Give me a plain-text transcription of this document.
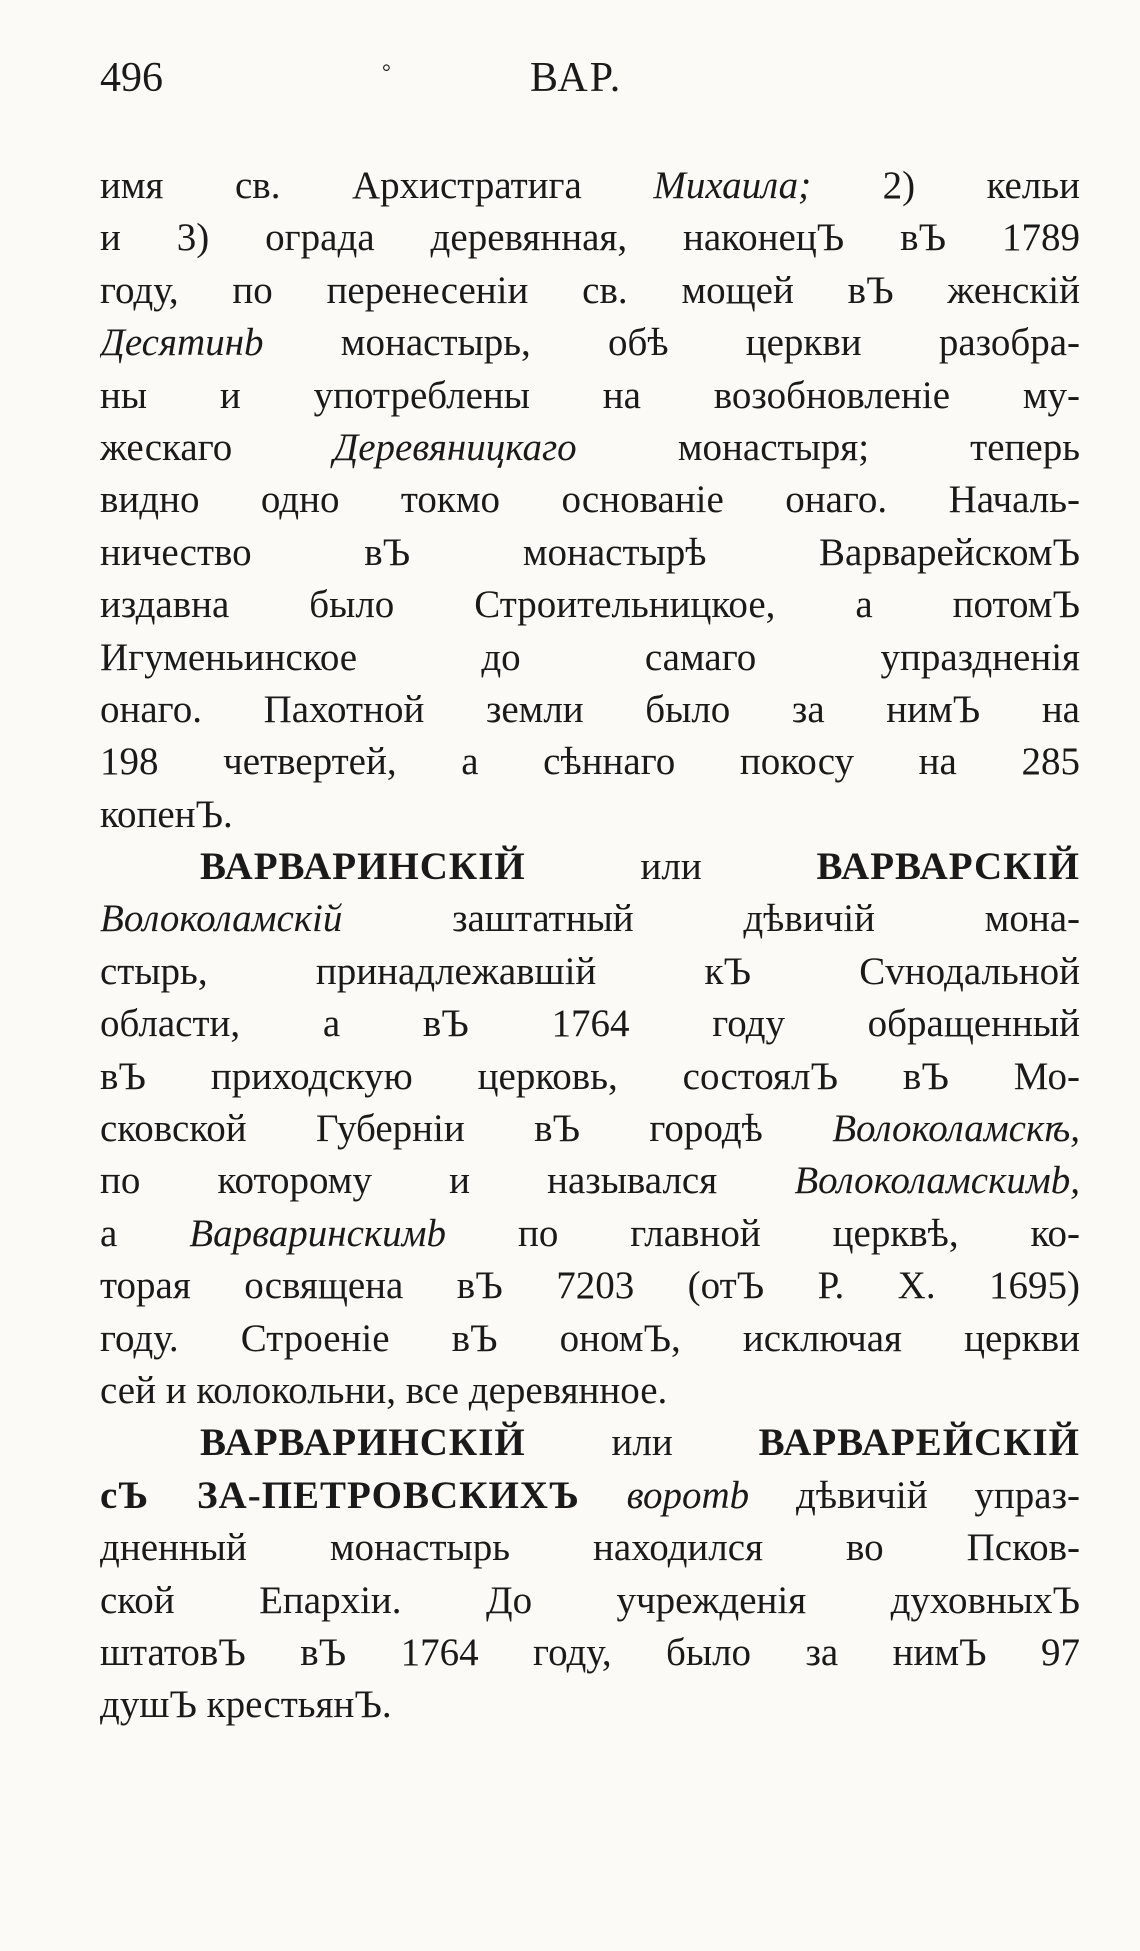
496	°	ВАР.
имя св. Архистратига Михаила; 2) кельи
и 3) ограда деревянная, наконецЪ вЪ 1789
году, по перенесеніи св. мощей вЪ женскій
Десятинb монастырь, обѣ церкви разобра-
ны и употреблены на возобновленіе му-
жескаго Деревяницкаго монастыря; теперь
видно одно токмо основаніе онаго. Началь-
ничество вЪ монастырѣ ВарварейскомЪ
издавна было Строительницкое, а потомЪ
Игуменьинское до самаго упраздненія
онаго. Пахотной земли было за нимЪ на
198 четвертей, а сѣннаго покосу на 285
копенЪ.
ВАРВАРИНСКІЙ или ВАРВАРСКІЙ
Волоколамскій заштатный дѣвичій мона-
стырь, принадлежавшій кЪ Сvнодальной
области, а вЪ 1764 году обращенный
вЪ приходскую церковь, состоялЪ вЪ Мо-
сковской Губерніи вЪ городѣ Волоколамскѣ,
по которому и назывался Волоколамскимb,
а Варваринскимb по главной церквѣ, ко-
торая освящена вЪ 7203 (отЪ Р. Х. 1695)
году. Строеніе вЪ ономЪ, исключая церкви
сей и колокольни, все деревянное.
ВАРВАРИНСКІЙ или ВАРВАРЕЙСКІЙ
сЪ ЗА-ПЕТРОВСКИХЪ воротb дѣвичій упраз-
дненный монастырь находился во Псков-
ской Епархіи. До учрежденія духовныхЪ
штатовЪ вЪ 1764 году, было за нимЪ 97
душЪ крестьянЪ.
